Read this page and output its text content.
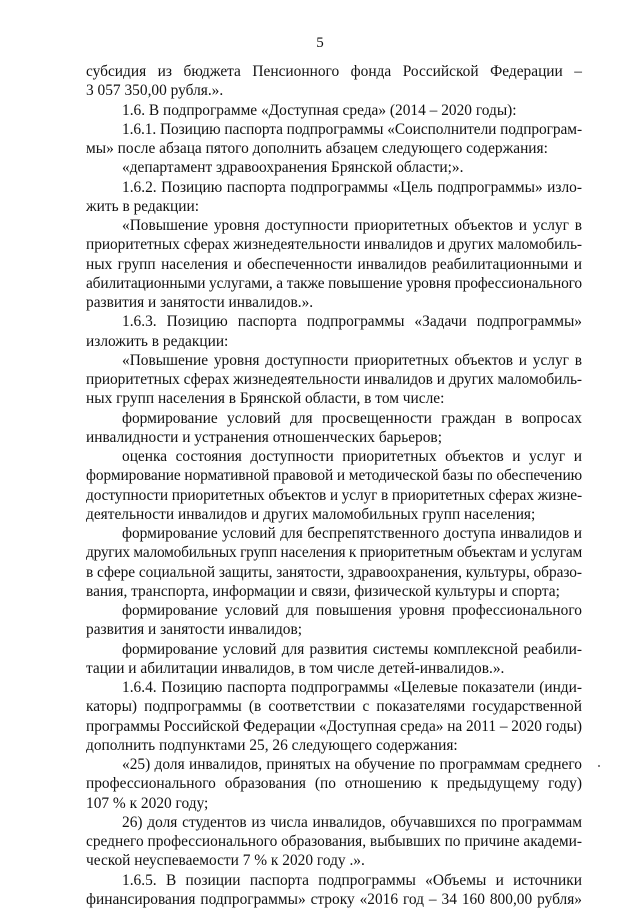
5
субсидия из бюджета Пенсионного фонда Российской Федерации –
3 057 350,00 рубля.».
1.6. В подпрограмме «Доступная среда» (2014 – 2020 годы):
1.6.1. Позицию паспорта подпрограммы «Соисполнители подпрограм-
мы» после абзаца пятого дополнить абзацем следующего содержания:
«департамент здравоохранения Брянской области;».
1.6.2. Позицию паспорта подпрограммы «Цель подпрограммы» изло-
жить в редакции:
«Повышение уровня доступности приоритетных объектов и услуг в
приоритетных сферах жизнедеятельности инвалидов и других маломобиль-
ных групп населения и обеспеченности инвалидов реабилитационными и
абилитационными услугами, а также повышение уровня профессионального
развития и занятости инвалидов.».
1.6.3. Позицию паспорта подпрограммы «Задачи подпрограммы»
изложить в редакции:
«Повышение уровня доступности приоритетных объектов и услуг в
приоритетных сферах жизнедеятельности инвалидов и других маломобиль-
ных групп населения в Брянской области, в том числе:
формирование условий для просвещенности граждан в вопросах
инвалидности и устранения отношенческих барьеров;
оценка состояния доступности приоритетных объектов и услуг и
формирование нормативной правовой и методической базы по обеспечению
доступности приоритетных объектов и услуг в приоритетных сферах жизне-
деятельности инвалидов и других маломобильных групп населения;
формирование условий для беспрепятственного доступа инвалидов и
других маломобильных групп населения к приоритетным объектам и услугам
в сфере социальной защиты, занятости, здравоохранения, культуры, образо-
вания, транспорта, информации и связи, физической культуры и спорта;
формирование условий для повышения уровня профессионального
развития и занятости инвалидов;
формирование условий для развития системы комплексной реабили-
тации и абилитации инвалидов, в том числе детей-инвалидов.».
1.6.4. Позицию паспорта подпрограммы «Целевые показатели (инди-
каторы) подпрограммы (в соответствии с показателями государственной
программы Российской Федерации «Доступная среда» на 2011 – 2020 годы)
дополнить подпунктами 25, 26 следующего содержания:
«25) доля инвалидов, принятых на обучение по программам среднего
профессионального образования (по отношению к предыдущему году)
107 % к 2020 году;
26) доля студентов из числа инвалидов, обучавшихся по программам
среднего профессионального образования, выбывших по причине академи-
ческой неуспеваемости 7 % к 2020 году .».
1.6.5. В позиции паспорта подпрограммы «Объемы и источники
финансирования подпрограммы» строку «2016 год – 34 160 800,00 рубля»
